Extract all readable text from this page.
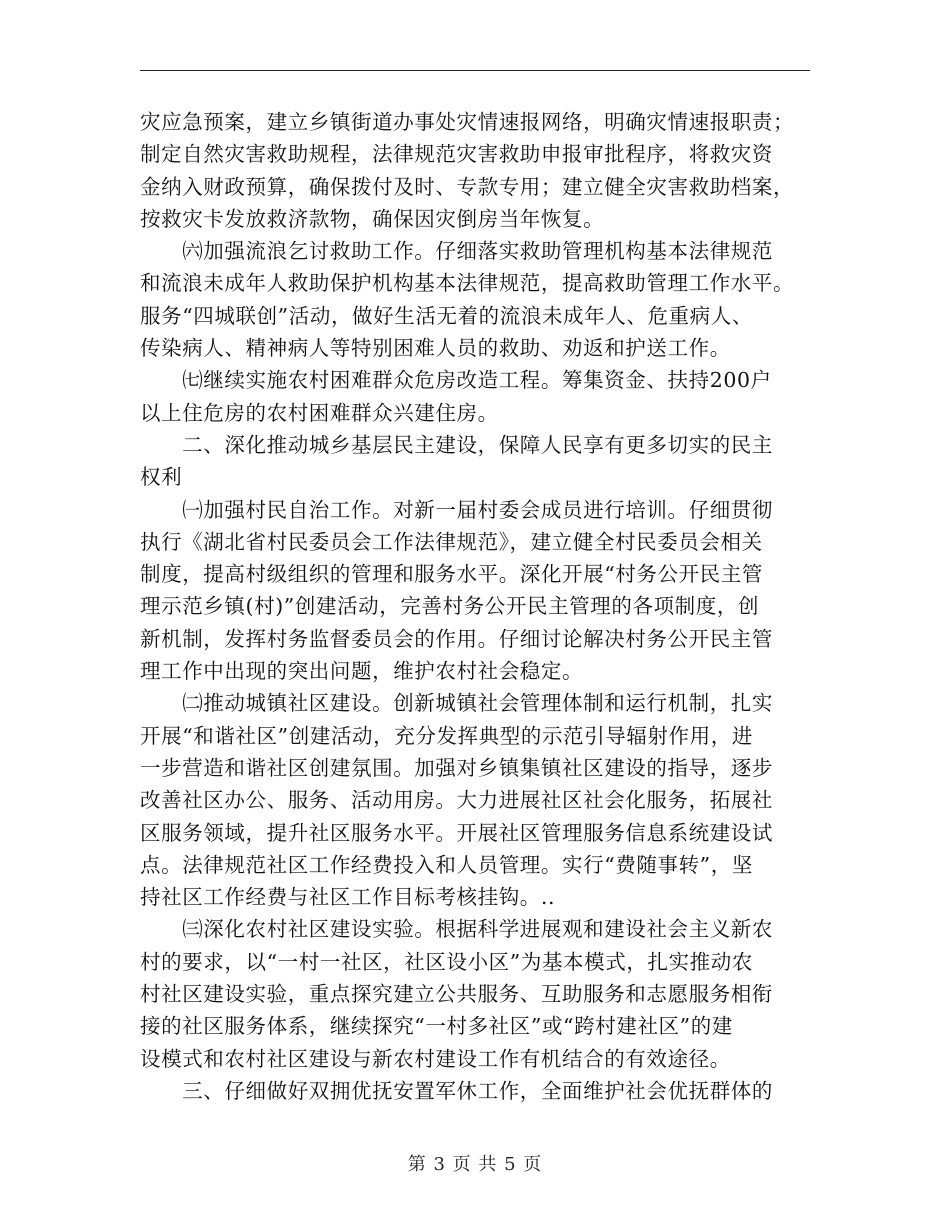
灾应急预案，建立乡镇街道办事处灾情速报网络，明确灾情速报职责；

制定自然灾害救助规程，法律规范灾害救助申报审批程序，将救灾资

金纳入财政预算，确保拨付及时、专款专用；建立健全灾害救助档案，

按救灾卡发放救济款物，确保因灾倒房当年恢复。

　　㈥加强流浪乞讨救助工作。仔细落实救助管理机构基本法律规范

和流浪未成年人救助保护机构基本法律规范，提高救助管理工作水平。

服务“四城联创”活动，做好生活无着的流浪未成年人、危重病人、

传染病人、精神病人等特别困难人员的救助、劝返和护送工作。

　　㈦继续实施农村困难群众危房改造工程。筹集资金、扶持200户

以上住危房的农村困难群众兴建住房。

　　二、深化推动城乡基层民主建设，保障人民享有更多切实的民主

权利

　　㈠加强村民自治工作。对新一届村委会成员进行培训。仔细贯彻

执行《湖北省村民委员会工作法律规范》，建立健全村民委员会相关

制度，提高村级组织的管理和服务水平。深化开展“村务公开民主管

理示范乡镇(村)”创建活动，完善村务公开民主管理的各项制度，创

新机制，发挥村务监督委员会的作用。仔细讨论解决村务公开民主管

理工作中出现的突出问题，维护农村社会稳定。

　　㈡推动城镇社区建设。创新城镇社会管理体制和运行机制，扎实

开展“和谐社区”创建活动，充分发挥典型的示范引导辐射作用，进

一步营造和谐社区创建氛围。加强对乡镇集镇社区建设的指导，逐步

改善社区办公、服务、活动用房。大力进展社区社会化服务，拓展社

区服务领域，提升社区服务水平。开展社区管理服务信息系统建设试

点。法律规范社区工作经费投入和人员管理。实行“费随事转”，坚

持社区工作经费与社区工作目标考核挂钩。..

　　㈢深化农村社区建设实验。根据科学进展观和建设社会主义新农

村的要求，以“一村一社区，社区设小区”为基本模式，扎实推动农

村社区建设实验，重点探究建立公共服务、互助服务和志愿服务相衔

接的社区服务体系，继续探究“一村多社区”或“跨村建社区”的建

设模式和农村社区建设与新农村建设工作有机结合的有效途径。

　　三、仔细做好双拥优抚安置军休工作，全面维护社会优抚群体的

第 3 页 共 5 页
